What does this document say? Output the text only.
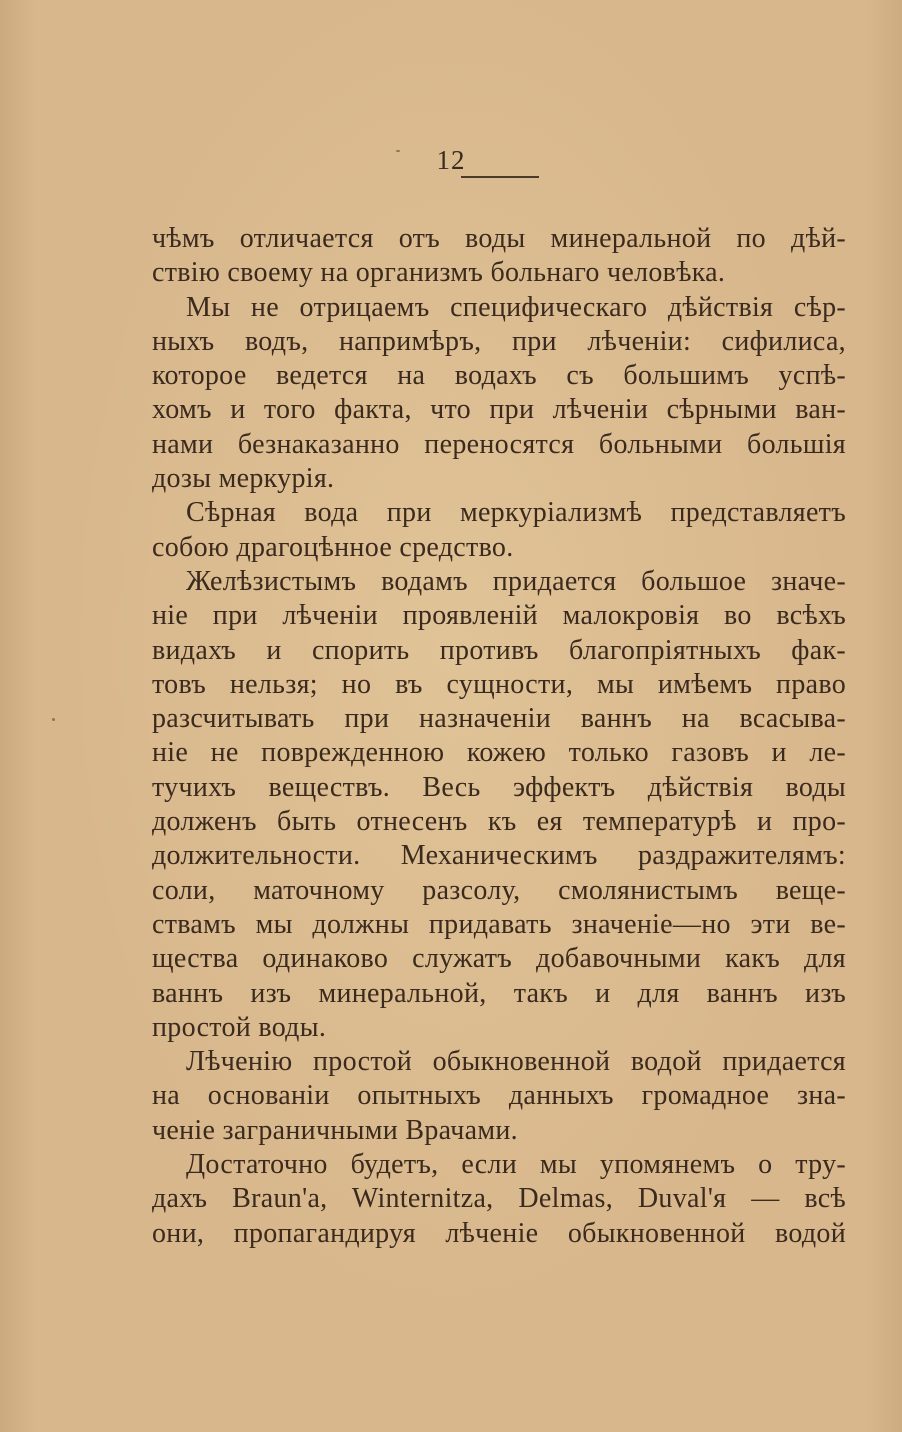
12
чѣмъ отличается отъ воды минеральной по дѣй-
ствію своему на организмъ больнаго человѣка.
Мы не отрицаемъ специфическаго дѣйствія сѣр-
ныхъ водъ, напримѣръ, при лѣченіи: сифилиса,
которое ведется на водахъ съ большимъ успѣ-
хомъ и того факта, что при лѣченіи сѣрными ван-
нами безнаказанно переносятся больными большія
дозы меркурія.
Сѣрная вода при меркуріализмѣ представляетъ
собою драгоцѣнное средство.
Желѣзистымъ водамъ придается большое значе-
ніе при лѣченіи проявленій малокровія во всѣхъ
видахъ и спорить противъ благопріятныхъ фак-
товъ нельзя; но въ сущности, мы имѣемъ право
разсчитывать при назначеніи ваннъ на всасыва-
ніе не поврежденною кожею только газовъ и ле-
тучихъ веществъ. Весь эффектъ дѣйствія воды
долженъ быть отнесенъ къ ея температурѣ и про-
должительности. Механическимъ раздражителямъ:
соли, маточному разсолу, смолянистымъ веще-
ствамъ мы должны придавать значеніе—но эти ве-
щества одинаково служатъ добавочными какъ для
ваннъ изъ минеральной, такъ и для ваннъ изъ
простой воды.
Лѣченію простой обыкновенной водой придается
на основаніи опытныхъ данныхъ громадное зна-
ченіе заграничными Врачами.
Достаточно будетъ, если мы упомянемъ о тру-
дахъ Braun'a, Winternitza, Delmas, Duval'я — всѣ
они, пропагандируя лѣченіе обыкновенной водой
